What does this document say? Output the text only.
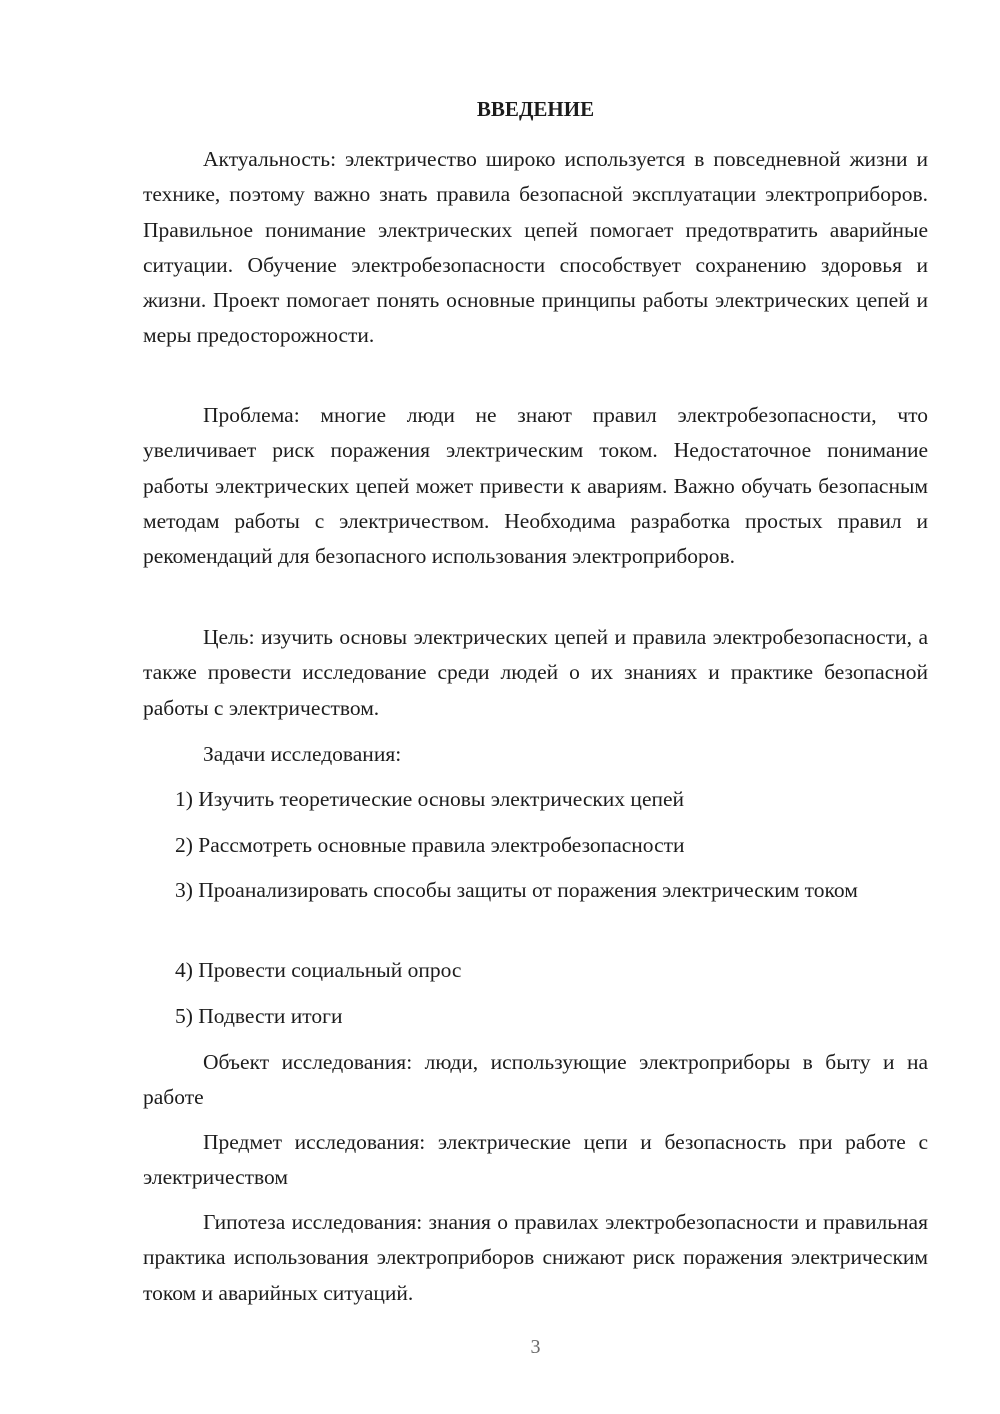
ВВЕДЕНИЕ

Актуальность: электричество широко используется в повседневной жизни и технике, поэтому важно знать правила безопасной эксплуатации электроприборов. Правильное понимание электрических цепей помогает предотвратить аварийные ситуации. Обучение электробезопасности способствует сохранению здоровья и жизни. Проект помогает понять основные принципы работы электрических цепей и меры предосторожности.

Проблема: многие люди не знают правил электробезопасности, что увеличивает риск поражения электрическим током. Недостаточное понимание работы электрических цепей может привести к авариям. Важно обучать безопасным методам работы с электричеством. Необходима разработка простых правил и рекомендаций для безопасного использования электроприборов.

Цель: изучить основы электрических цепей и правила электробезопасности, а также провести исследование среди людей о их знаниях и практике безопасной работы с электричеством.

Задачи исследования:

1) Изучить теоретические основы электрических цепей

2) Рассмотреть основные правила электробезопасности

3) Проанализировать способы защиты от поражения электрическим током

4) Провести социальный опрос

5) Подвести итоги

Объект исследования: люди, использующие электроприборы в быту и на работе

Предмет исследования: электрические цепи и безопасность при работе с электричеством

Гипотеза исследования: знания о правилах электробезопасности и правильная практика использования электроприборов снижают риск поражения электрическим током и аварийных ситуаций.

3
